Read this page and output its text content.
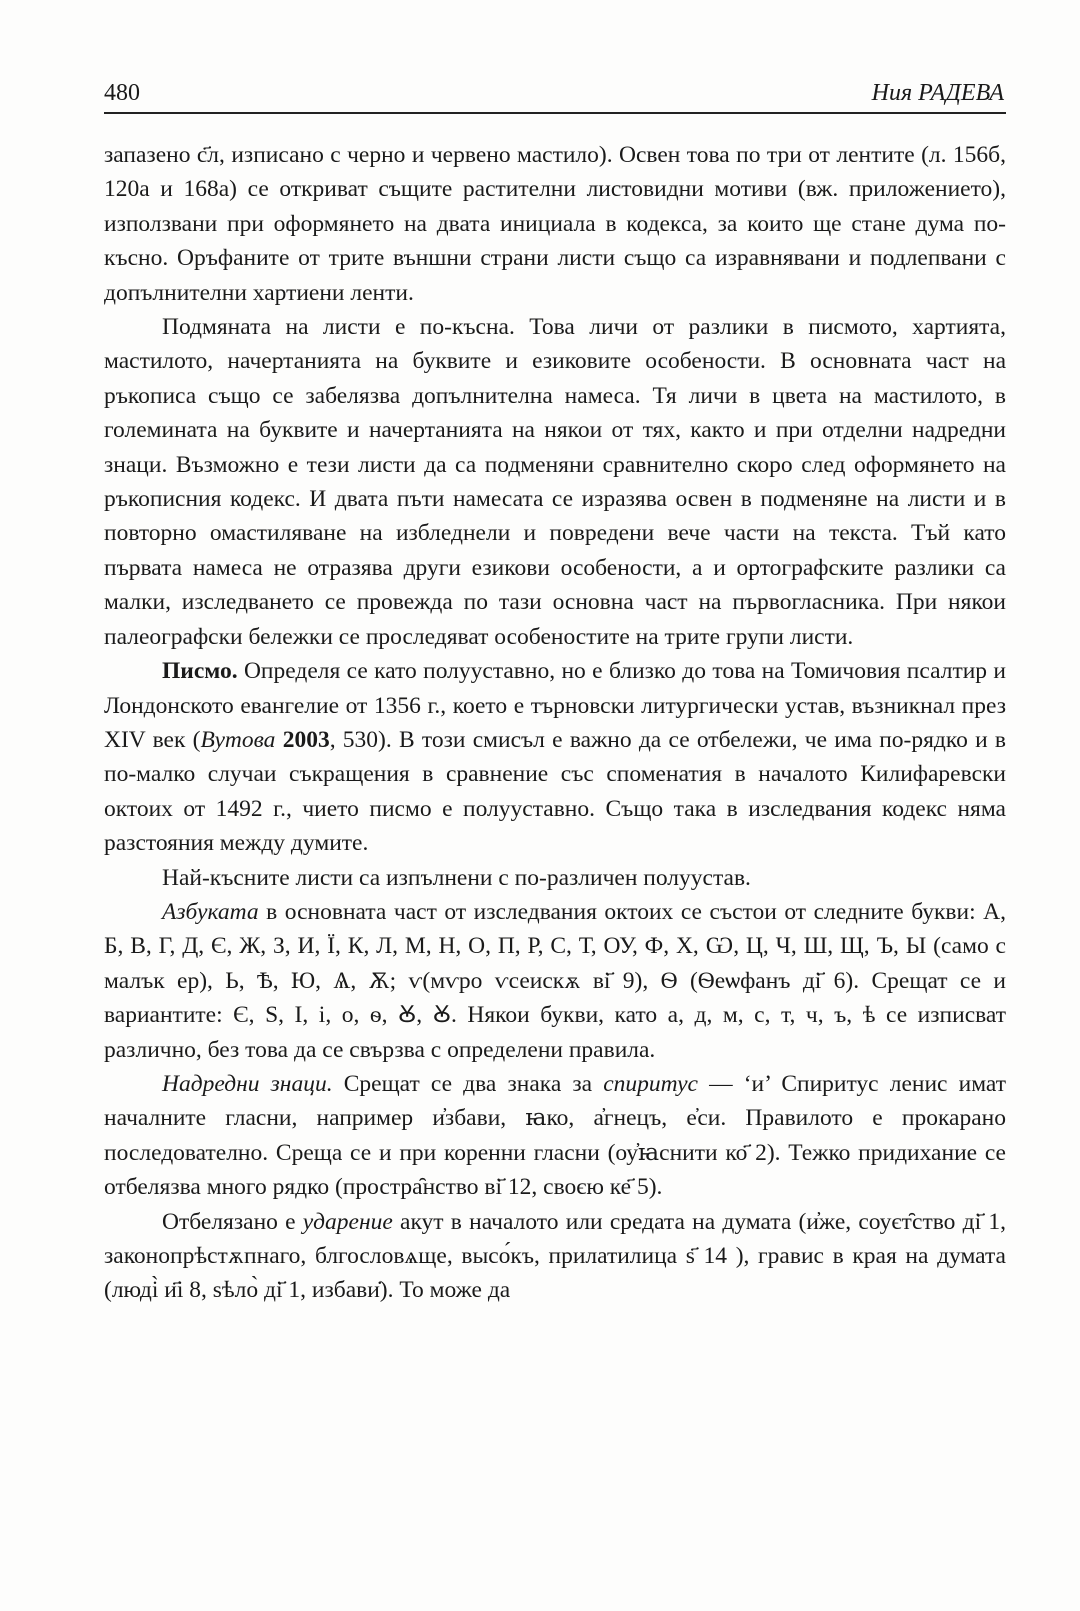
480	Ния РАДЕВА

запазено с҃л, изписано с черно и червено мастило). Освен това по три от лентите (л. 156б, 120а и 168а) се откриват същите растителни листовидни мотиви (вж. приложението), използвани при оформянето на двата инициала в кодекса, за които ще стане дума по-късно. Оръфаните от трите външни страни листи също са изравнявани и подлепвани с допълнителни хартиени ленти.

Подмяната на листи е по-късна. Това личи от разлики в писмото, хартията, мастилото, начертанията на буквите и езиковите особености. В основната част на ръкописа също се забелязва допълнителна намеса. Тя личи в цвета на мастилото, в големината на буквите и начертанията на някои от тях, както и при отделни надредни знаци. Възможно е тези листи да са подменяни сравнително скоро след оформянето на ръкописния кодекс. И двата пъти намесата се изразява освен в подменяне на листи и в повторно омастиляване на избледнели и повредени вече части на текста. Тъй като първата намеса не отразява други езикови особености, а и ортографските разлики са малки, изследването се провежда по тази основна част на първогласника. При някои палеографски бележки се проследяват особеностите на трите групи листи.

Писмо. Определя се като полууставно, но е близко до това на Томичовия псалтир и Лондонското евангелие от 1356 г., което е търновски литургически устав, възникнал през XIV век (Вутова 2003, 530). В този смисъл е важно да се отбележи, че има по-рядко и в по-малко случаи съкращения в сравнение със споменатия в началото Килифаревски октоих от 1492 г., чието писмо е полууставно. Също така в изследвания кодекс няма разстояния между думите.

Най-късните листи са изпълнени с по-различен полуустав.

Азбуката в основната част от изследвания октоих се състои от следните букви: А, Б, В, Г, Д, Є, Ж, З, И, Ї, К, Л, М, Н, О, П, Р, С, Т, ОУ, Ф, Х, Ѡ, Ц, Ч, Ш, Щ, Ъ, Ы (само с малък ер), Ь, Ѣ, Ю, Ѧ, Ѫ; ѵ(мѵро ѵсеискѫ ві҃ 9), Ѳ (Ѳеѡфанъ ді҃ 6). Срещат се и вариантите: Є, Ѕ, І, і, о, ѳ, Ꙋ, Ꙋ. Някои букви, като а, д, м, с, т, ч, ъ, ѣ се изписват различно, без това да се свързва с определени правила.

Надредни знаци. Срещат се два знака за спиритус — ‘и’ Спиритус ленис имат началните гласни, например и̓збави, ꙗко, а̓гнецъ, е̓си. Правилото е прокарано последователно. Среща се и при коренни гласни (оу̓ꙗснити ко҃ 2). Тежко придихание се отбелязва много рядко (простра̑нство ві҃ 12, своєю ке҃ 5).

Отбелязано е ударение акут в началото или средата на думата (и̓же, соуєт̑ство ді҃ 1, законопрѣстѫпнаго, блгословѧще, высо́къ, прилатилица ѕ҃ 14 ), гравис в края на думата (люді̀ и҃і 8, ѕѣло̀ ді҃ 1, избави̇). То може да
